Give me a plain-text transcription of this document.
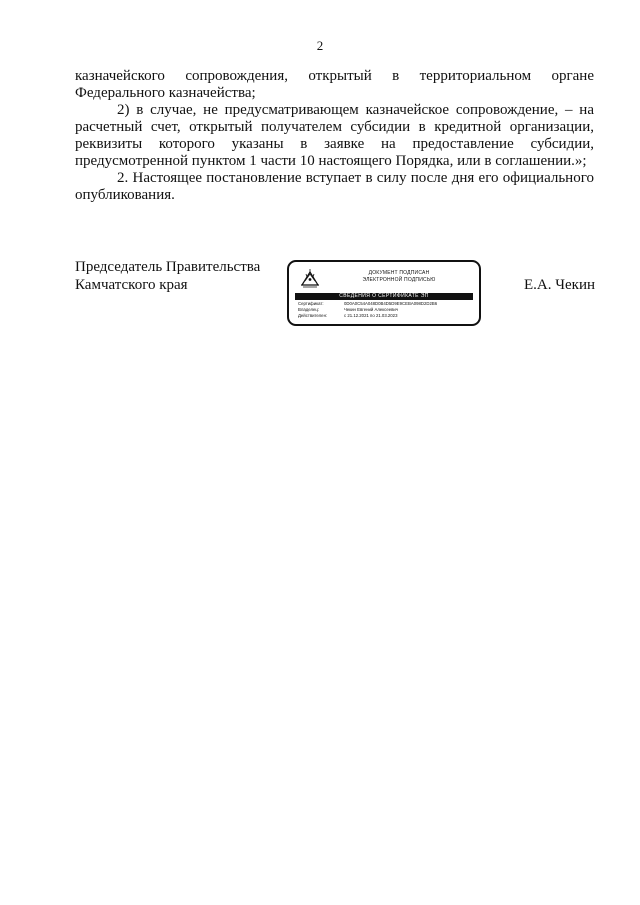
2

казначейского сопровождения, открытый в территориальном органе Федерального казначейства;

2) в случае, не предусматривающем казначейское сопровождение, – на расчетный счет, открытый получателем субсидии в кредитной организации, реквизиты которого указаны в заявке на предоставление субсидии, предусмотренной пунктом 1 части 10 настоящего Порядка, или в соглашении.»;

2. Настоящее постановление вступает в силу после дня его официального опубликования.

Председатель Правительства
Камчатского края
ДОКУМЕНТ ПОДПИСАН
ЭЛЕКТРОННОЙ ПОДПИСЬЮ
СВЕДЕНИЯ О СЕРТИФИКАТЕ ЭП
Сертификат:	0D0A0C54A048D0B4D5D9E9CEBA098D2D2B6
Владелец:	Чекин Евгений Алексеевич
Действителен:	с 21.12.2021 по 21.03.2023
Е.А. Чекин
